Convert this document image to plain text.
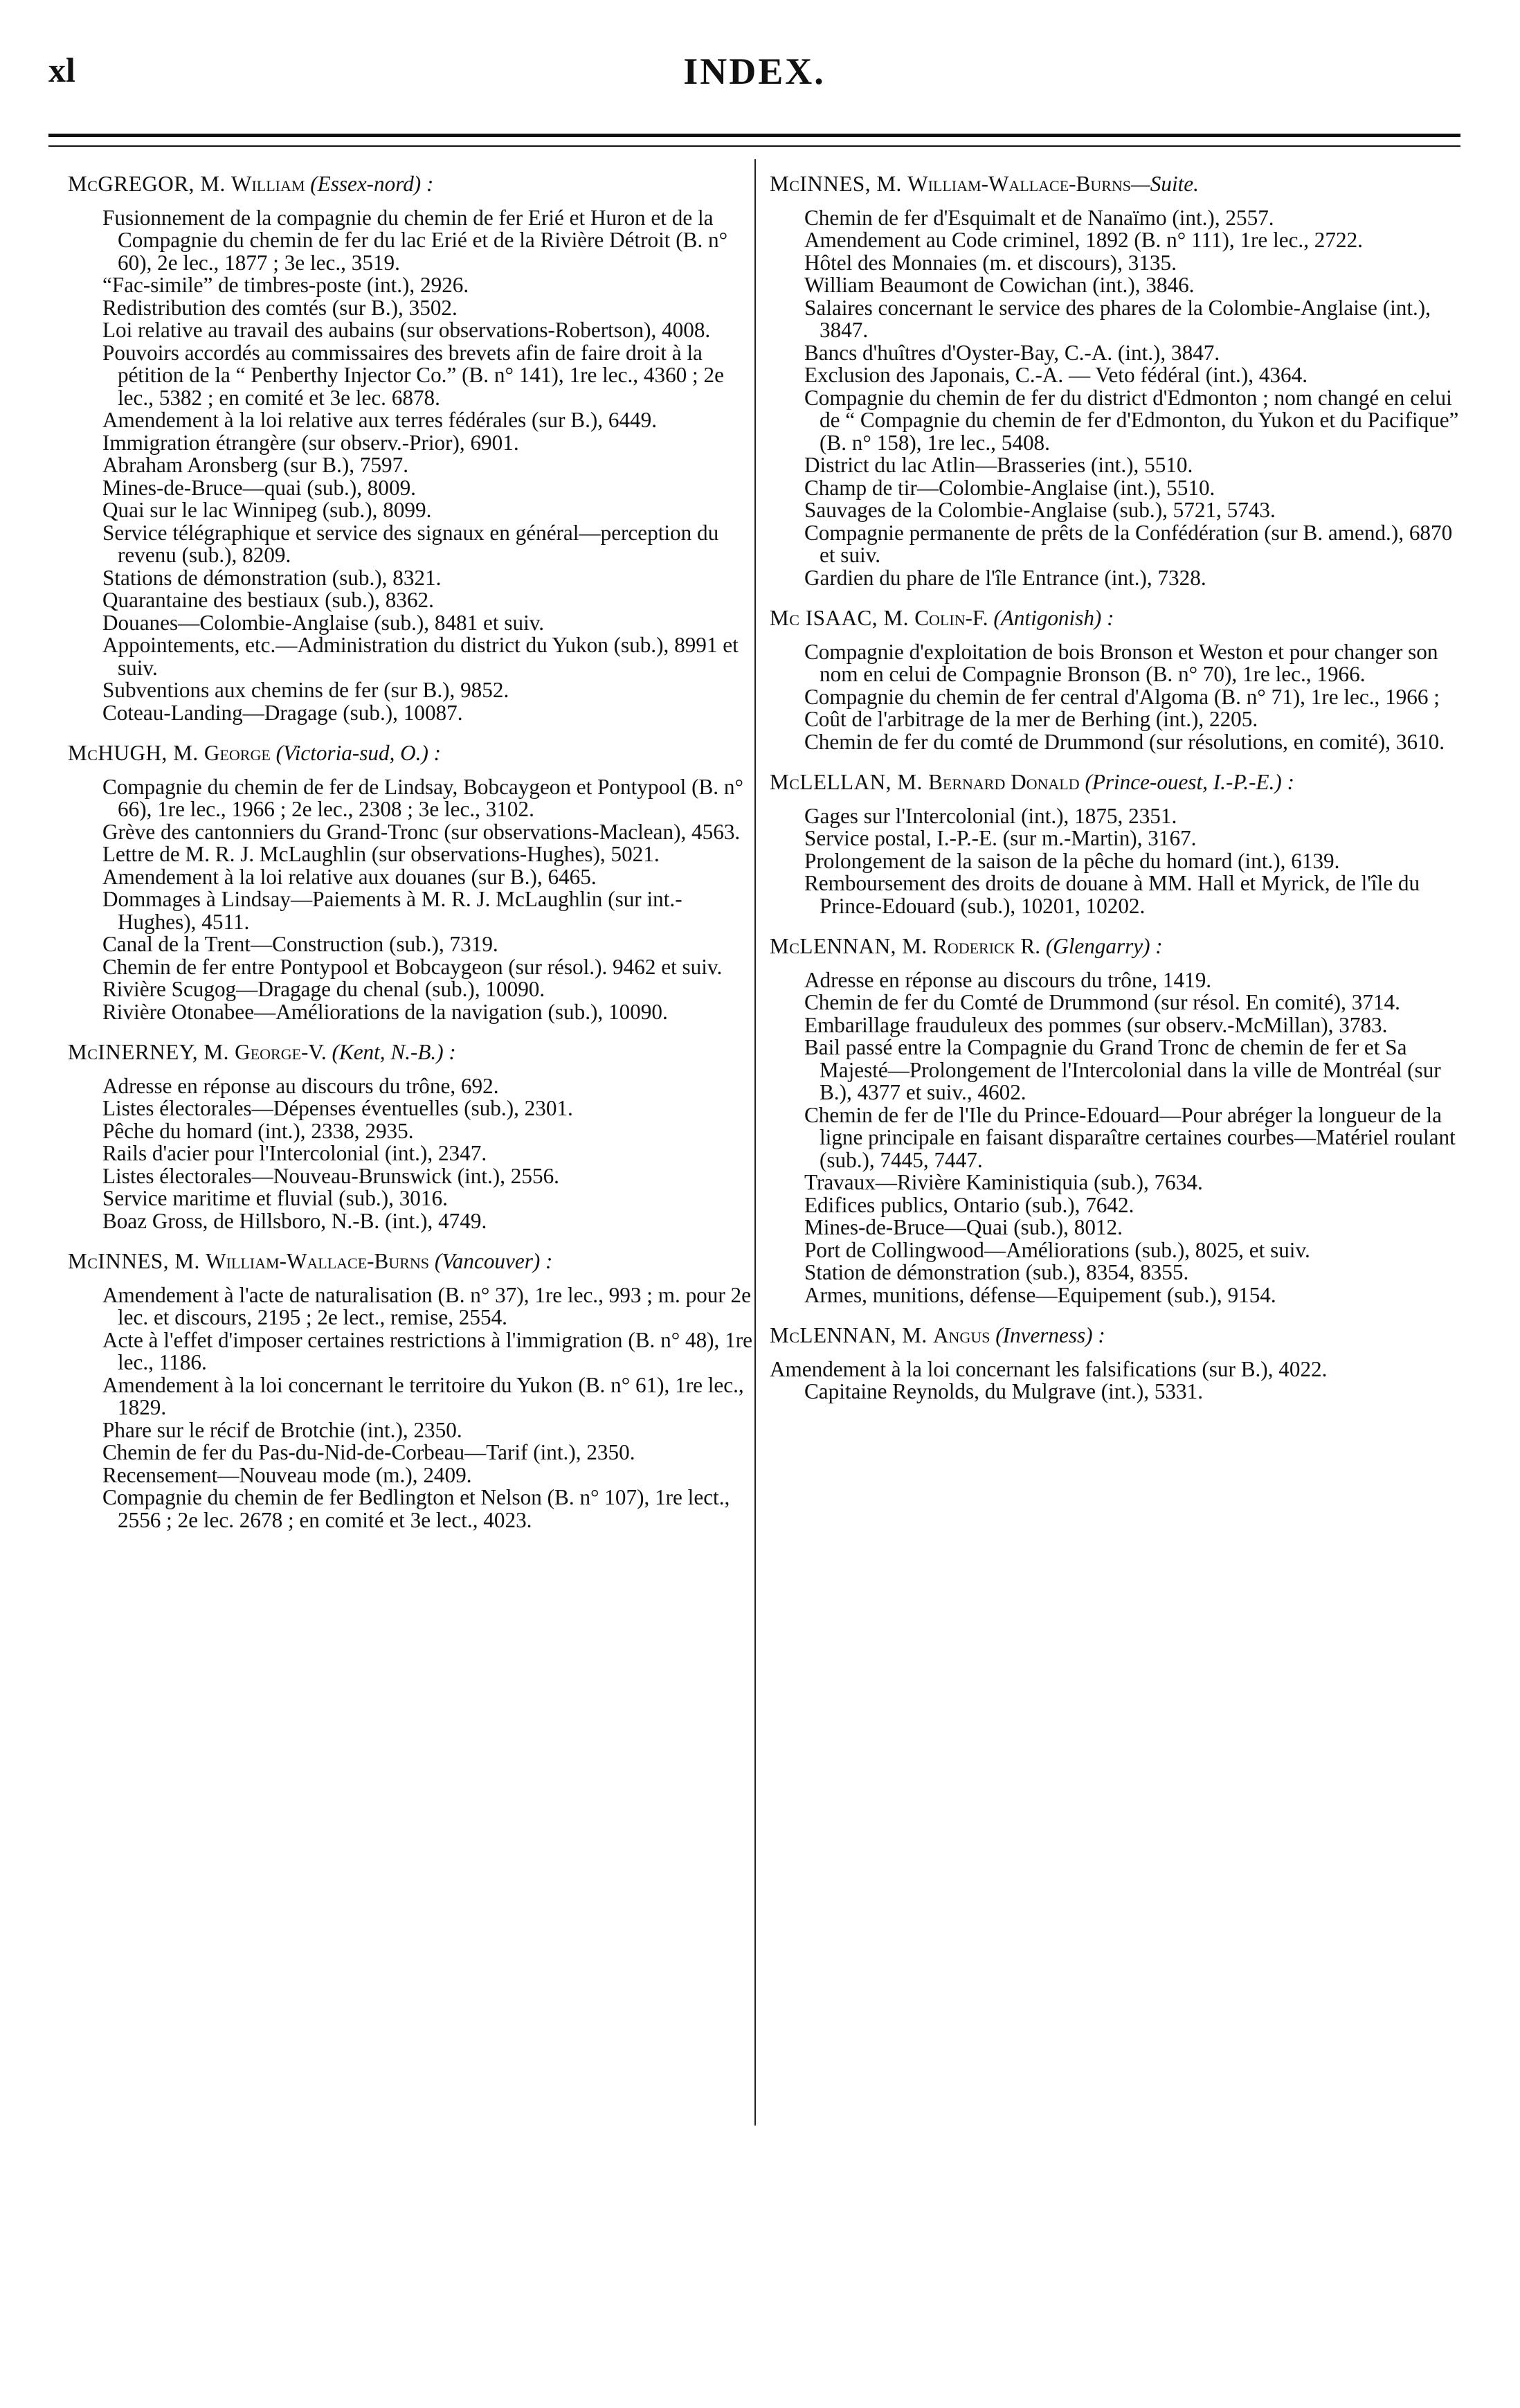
xl	INDEX.
McGREGOR, M. William (Essex-nord) :
Fusionnement de la compagnie du chemin de fer Erié et Huron et de la Compagnie du chemin de fer du lac Erié et de la Rivière Détroit (B. n° 60), 2e lec., 1877 ; 3e lec., 3519.
“Fac-simile” de timbres-poste (int.), 2926.
Redistribution des comtés (sur B.), 3502.
Loi relative au travail des aubains (sur observations-Robertson), 4008.
Pouvoirs accordés au commissaires des brevets afin de faire droit à la pétition de la “ Penberthy Injector Co.” (B. n° 141), 1re lec., 4360 ; 2e lec., 5382 ; en comité et 3e lec. 6878.
Amendement à la loi relative aux terres fédérales (sur B.), 6449.
Immigration étrangère (sur observ.-Prior), 6901.
Abraham Aronsberg (sur B.), 7597.
Mines-de-Bruce—quai (sub.), 8009.
Quai sur le lac Winnipeg (sub.), 8099.
Service télégraphique et service des signaux en général—perception du revenu (sub.), 8209.
Stations de démonstration (sub.), 8321.
Quarantaine des bestiaux (sub.), 8362.
Douanes—Colombie-Anglaise (sub.), 8481 et suiv.
Appointements, etc.—Administration du district du Yukon (sub.), 8991 et suiv.
Subventions aux chemins de fer (sur B.), 9852.
Coteau-Landing—Dragage (sub.), 10087.
McHUGH, M. George (Victoria-sud, O.) :
Compagnie du chemin de fer de Lindsay, Bobcaygeon et Pontypool (B. n° 66), 1re lec., 1966 ; 2e lec., 2308 ; 3e lec., 3102.
Grève des cantonniers du Grand-Tronc (sur observations-Maclean), 4563.
Lettre de M. R. J. McLaughlin (sur observations-Hughes), 5021.
Amendement à la loi relative aux douanes (sur B.), 6465.
Dommages à Lindsay—Paiements à M. R. J. McLaughlin (sur int.-Hughes), 4511.
Canal de la Trent—Construction (sub.), 7319.
Chemin de fer entre Pontypool et Bobcaygeon (sur résol.). 9462 et suiv.
Rivière Scugog—Dragage du chenal (sub.), 10090.
Rivière Otonabee—Améliorations de la navigation (sub.), 10090.
McINERNEY, M. George-V. (Kent, N.-B.) :
Adresse en réponse au discours du trône, 692.
Listes électorales—Dépenses éventuelles (sub.), 2301.
Pêche du homard (int.), 2338, 2935.
Rails d'acier pour l'Intercolonial (int.), 2347.
Listes électorales—Nouveau-Brunswick (int.), 2556.
Service maritime et fluvial (sub.), 3016.
Boaz Gross, de Hillsboro, N.-B. (int.), 4749.
McINNES, M. William-Wallace-Burns (Vancouver) :
Amendement à l'acte de naturalisation (B. n° 37), 1re lec., 993 ; m. pour 2e lec. et discours, 2195 ; 2e lect., remise, 2554.
Acte à l'effet d'imposer certaines restrictions à l'immigration (B. n° 48), 1re lec., 1186.
Amendement à la loi concernant le territoire du Yukon (B. n° 61), 1re lec., 1829.
Phare sur le récif de Brotchie (int.), 2350.
Chemin de fer du Pas-du-Nid-de-Corbeau—Tarif (int.), 2350.
Recensement—Nouveau mode (m.), 2409.
Compagnie du chemin de fer Bedlington et Nelson (B. n° 107), 1re lect., 2556 ; 2e lec. 2678 ; en comité et 3e lect., 4023.
McINNES, M. William-Wallace-Burns—Suite.
Chemin de fer d'Esquimalt et de Nanaïmo (int.), 2557.
Amendement au Code criminel, 1892 (B. n° 111), 1re lec., 2722.
Hôtel des Monnaies (m. et discours), 3135.
William Beaumont de Cowichan (int.), 3846.
Salaires concernant le service des phares de la Colombie-Anglaise (int.), 3847.
Bancs d'huîtres d'Oyster-Bay, C.-A. (int.), 3847.
Exclusion des Japonais, C.-A. — Veto fédéral (int.), 4364.
Compagnie du chemin de fer du district d'Edmonton ; nom changé en celui de “ Compagnie du chemin de fer d'Edmonton, du Yukon et du Pacifique” (B. n° 158), 1re lec., 5408.
District du lac Atlin—Brasseries (int.), 5510.
Champ de tir—Colombie-Anglaise (int.), 5510.
Sauvages de la Colombie-Anglaise (sub.), 5721, 5743.
Compagnie permanente de prêts de la Confédération (sur B. amend.), 6870 et suiv.
Gardien du phare de l'île Entrance (int.), 7328.
Mc ISAAC, M. Colin-F. (Antigonish) :
Compagnie d'exploitation de bois Bronson et Weston et pour changer son nom en celui de Compagnie Bronson (B. n° 70), 1re lec., 1966.
Compagnie du chemin de fer central d'Algoma (B. n° 71), 1re lec., 1966 ;
Coût de l'arbitrage de la mer de Berhing (int.), 2205.
Chemin de fer du comté de Drummond (sur résolutions, en comité), 3610.
McLELLAN, M. Bernard Donald (Prince-ouest, I.-P.-E.) :
Gages sur l'Intercolonial (int.), 1875, 2351.
Service postal, I.-P.-E. (sur m.-Martin), 3167.
Prolongement de la saison de la pêche du homard (int.), 6139.
Remboursement des droits de douane à MM. Hall et Myrick, de l'île du Prince-Edouard (sub.), 10201, 10202.
McLENNAN, M. Roderick R. (Glengarry) :
Adresse en réponse au discours du trône, 1419.
Chemin de fer du Comté de Drummond (sur résol. En comité), 3714.
Embarillage frauduleux des pommes (sur observ.-McMillan), 3783.
Bail passé entre la Compagnie du Grand Tronc de chemin de fer et Sa Majesté—Prolongement de l'Intercolonial dans la ville de Montréal (sur B.), 4377 et suiv., 4602.
Chemin de fer de l'Ile du Prince-Edouard—Pour abréger la longueur de la ligne principale en faisant disparaître certaines courbes—Matériel roulant (sub.), 7445, 7447.
Travaux—Rivière Kaministiquia (sub.), 7634.
Edifices publics, Ontario (sub.), 7642.
Mines-de-Bruce—Quai (sub.), 8012.
Port de Collingwood—Améliorations (sub.), 8025, et suiv.
Station de démonstration (sub.), 8354, 8355.
Armes, munitions, défense—Equipement (sub.), 9154.
McLENNAN, M. Angus (Inverness) :
Amendement à la loi concernant les falsifications (sur B.), 4022.
Capitaine Reynolds, du Mulgrave (int.), 5331.
